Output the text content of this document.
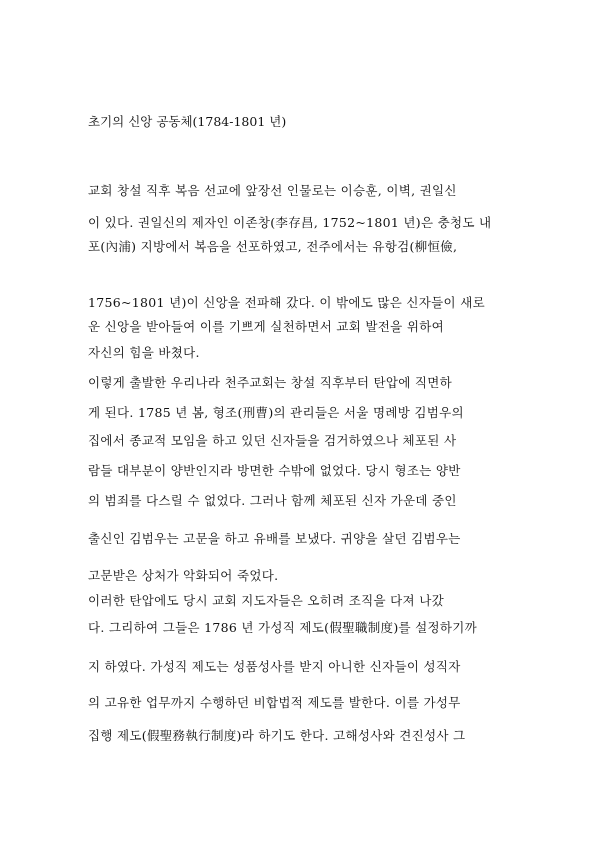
초기의 신앙 공동체(1784-1801 년)
교회 창설 직후 복음 선교에 앞장선 인물로는 이승훈, 이벽, 권일신
이 있다. 권일신의 제자인 이존창(李存昌, 1752~1801 년)은 충청도 내
포(內浦) 지방에서 복음을 선포하였고, 전주에서는 유항검(柳恒儉,
1756~1801 년)이 신앙을 전파해 갔다. 이 밖에도 많은 신자들이 새로
운 신앙을 받아들여 이를 기쁘게 실천하면서 교회 발전을 위하여
자신의 힘을 바쳤다.
이렇게 출발한 우리나라 천주교회는 창설 직후부터 탄압에 직면하
게 된다. 1785 년 봄, 형조(刑曹)의 관리들은 서울 명례방 김범우의
집에서 종교적 모임을 하고 있던 신자들을 검거하였으나 체포된 사
람들 대부분이 양반인지라 방면한 수밖에 없었다. 당시 형조는 양반
의 범죄를 다스릴 수 없었다. 그러나 함께 체포된 신자 가운데 중인
출신인 김범우는 고문을 하고 유배를 보냈다. 귀양을 살던 김범우는
고문받은 상처가 악화되어 죽었다.
이러한 탄압에도 당시 교회 지도자들은 오히려 조직을 다져 나갔
다. 그리하여 그들은 1786 년 가성직 제도(假聖職制度)를 설정하기까
지 하였다. 가성직 제도는 성품성사를 받지 아니한 신자들이 성직자
의 고유한 업무까지 수행하던 비합법적 제도를 발한다. 이를 가성무
집행 제도(假聖務執行制度)라 하기도 한다. 고해성사와 견진성사 그
